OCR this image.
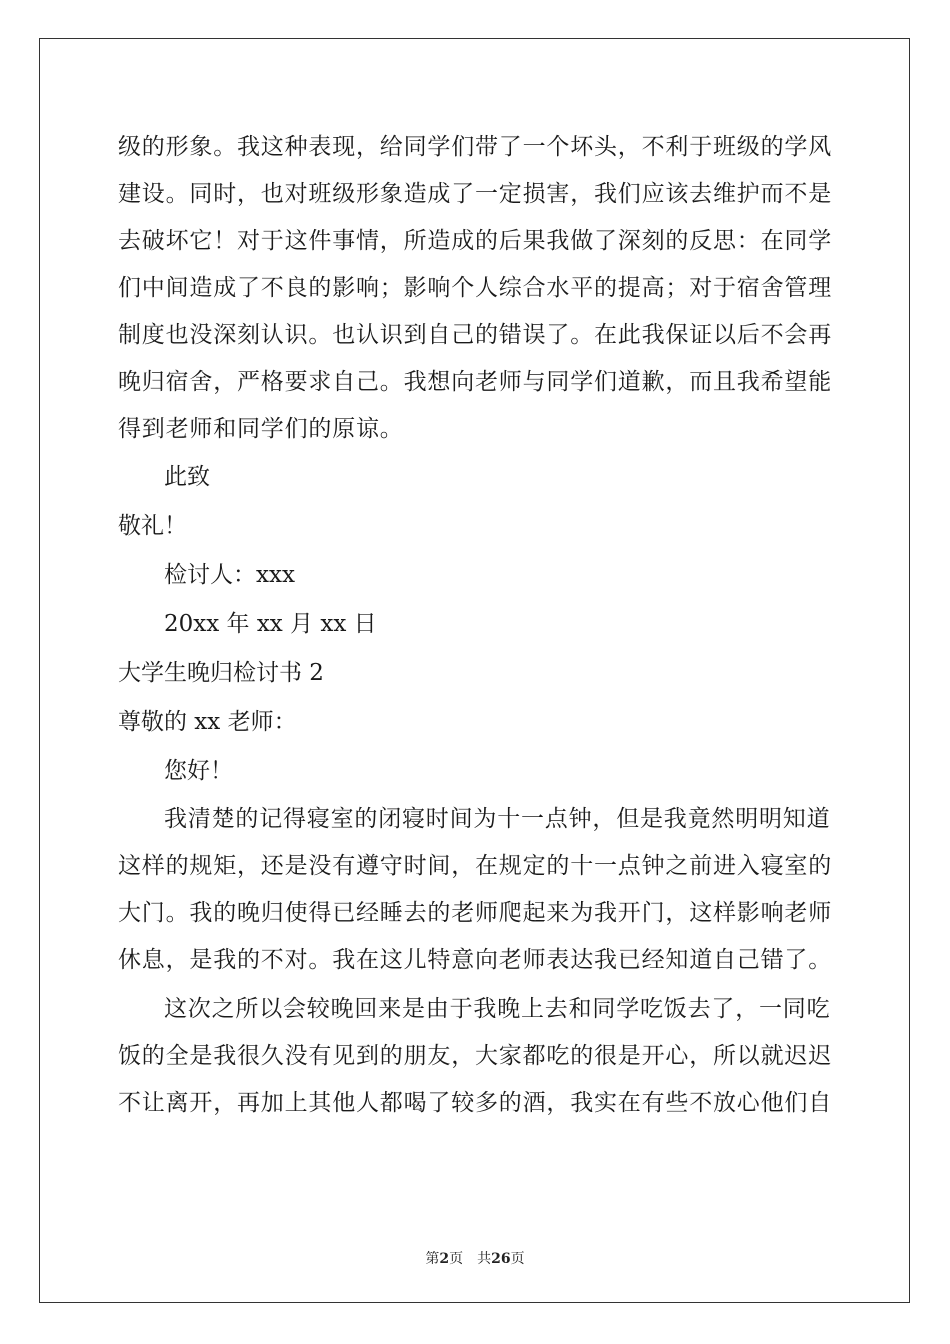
级的形象。我这种表现，给同学们带了一个坏头，不利于班级的学风
建设。同时，也对班级形象造成了一定损害，我们应该去维护而不是
去破坏它！对于这件事情，所造成的后果我做了深刻的反思：在同学
们中间造成了不良的影响；影响个人综合水平的提高；对于宿舍管理
制度也没深刻认识。也认识到自己的错误了。在此我保证以后不会再
晚归宿舍，严格要求自己。我想向老师与同学们道歉，而且我希望能
得到老师和同学们的原谅。
此致
敬礼！
检讨人：xxx
20xx 年 xx 月 xx 日
大学生晚归检讨书 2
尊敬的 xx 老师：
您好！
我清楚的记得寝室的闭寝时间为十一点钟，但是我竟然明明知道
这样的规矩，还是没有遵守时间，在规定的十一点钟之前进入寝室的
大门。我的晚归使得已经睡去的老师爬起来为我开门，这样影响老师
休息，是我的不对。我在这儿特意向老师表达我已经知道自己错了。
这次之所以会较晚回来是由于我晚上去和同学吃饭去了，一同吃
饭的全是我很久没有见到的朋友，大家都吃的很是开心，所以就迟迟
不让离开，再加上其他人都喝了较多的酒，我实在有些不放心他们自
第2页 共26页
